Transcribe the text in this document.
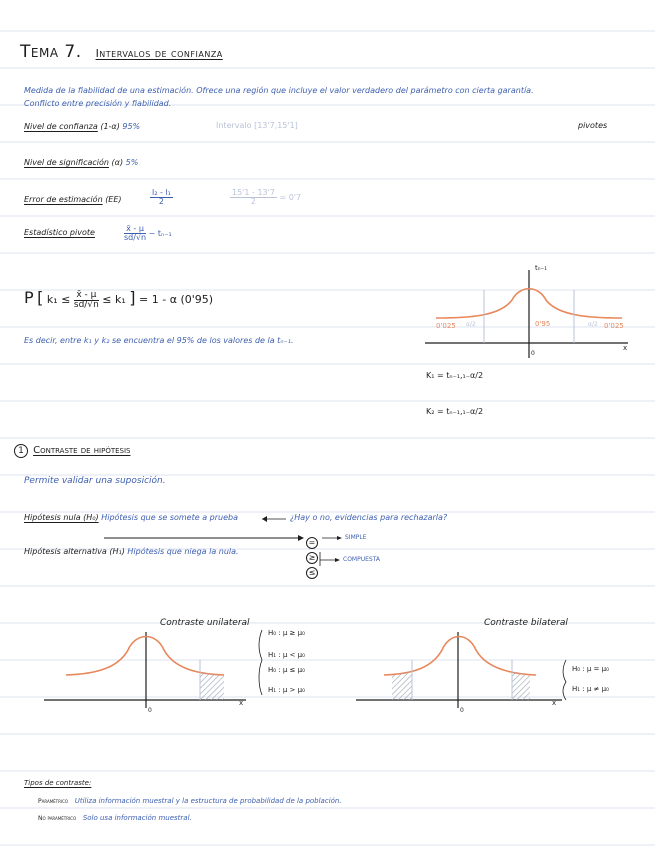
Tema 7. Intervalos de confianza
Medida de la fiabilidad de una estimación. Ofrece una región que incluye el valor verdadero del parámetro con cierta garantía.
Conflicto entre precisión y fiabilidad.
pivotes
Nivel de confianza (1-α) 95%	Intervalo [13'7,15'1]
Nivel de significación (α) 5%
Error de estimación (EE)	$\frac{\text{l₂ - l₁}}{2}$	$\frac{15'1 - 13'7}{2} = 0'7$
Estadístico pivote	$\frac{x̄ - \mu}{sd/√n}$ ~ tₙ₋₁
P [ $k_1 \le \frac{x̄ - \mu}{sd/√n} \le k_1$ ] = 1 - α (0'95)
Es decir, entre k₁ y k₂ se encuentra el 95% de los valores de la tₙ₋₁.
tₙ₋₁
x
0
0'95
0'025	0'025
α/2	α/2
K₁ = tₙ₋₁,₁₋α/2
K₂ = tₙ₋₁,₁₋α/2
1 Contraste de hipótesis
Permite validar una suposición.
Hipótesis nula (H₀) Hipótesis que se somete a prueba	¿Hay o no, evidencias para rechazarla?
Hipótesis alternativa (H₁) Hipótesis que niega la nula.
=
≥
≤
SIMPLE
COMPUESTA
Contraste unilateral
0
x
H₀ : μ ≥ μ₀
H₁ : μ < μ₀
H₀ : μ ≤ μ₀
H₁ : μ > μ₀
Contraste bilateral
0
x
H₀ : μ = μ₀
H₁ : μ ≠ μ₀
Tipos de contraste:
Paramétrico Utiliza información muestral y la estructura de probabilidad de la población.
No paramétrico Solo usa información muestral.
